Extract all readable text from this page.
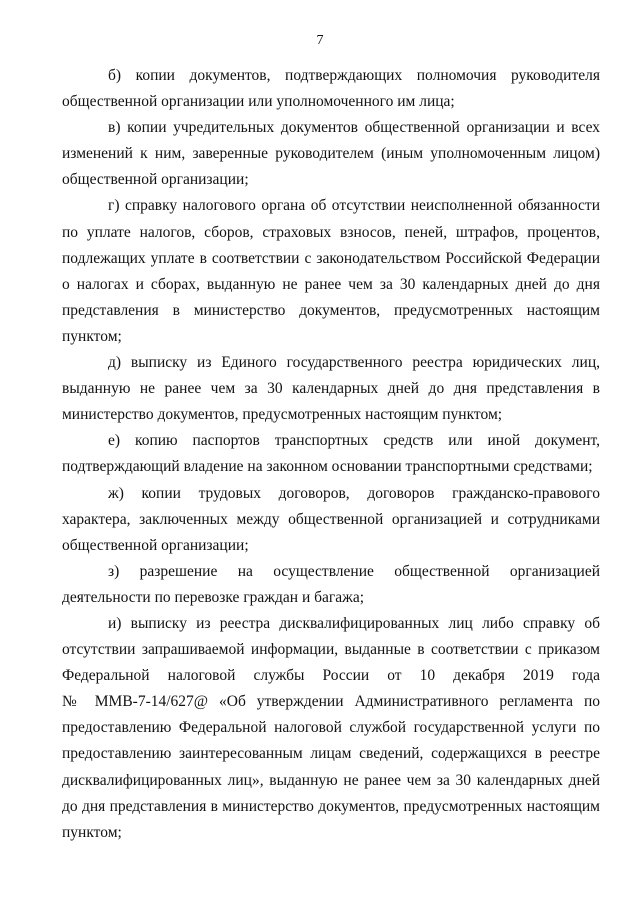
7

б) копии документов, подтверждающих полномочия руководителя
общественной организации или уполномоченного им лица;

в) копии учредительных документов общественной организации и всех
изменений к ним, заверенные руководителем (иным уполномоченным лицом)
общественной организации;

г) справку налогового органа об отсутствии неисполненной обязанности
по уплате налогов, сборов, страховых взносов, пеней, штрафов, процентов,
подлежащих уплате в соответствии с законодательством Российской Федерации
о налогах и сборах, выданную не ранее чем за 30 календарных дней до дня
представления в министерство документов, предусмотренных настоящим
пунктом;

д) выписку из Единого государственного реестра юридических лиц,
выданную не ранее чем за 30 календарных дней до дня представления в
министерство документов, предусмотренных настоящим пунктом;

е) копию паспортов транспортных средств или иной документ,
подтверждающий владение на законном основании транспортными средствами;

ж) копии трудовых договоров, договоров гражданско-правового
характера, заключенных между общественной организацией и сотрудниками
общественной организации;

з) разрешение на осуществление общественной организацией
деятельности по перевозке граждан и багажа;

и) выписку из реестра дисквалифицированных лиц либо справку об
отсутствии запрашиваемой информации, выданные в соответствии с приказом
Федеральной налоговой службы России от 10 декабря 2019 года
№ ММВ-7-14/627@ «Об утверждении Административного регламента по
предоставлению Федеральной налоговой службой государственной услуги по
предоставлению заинтересованным лицам сведений, содержащихся в реестре
дисквалифицированных лиц», выданную не ранее чем за 30 календарных дней
до дня представления в министерство документов, предусмотренных настоящим
пунктом;
